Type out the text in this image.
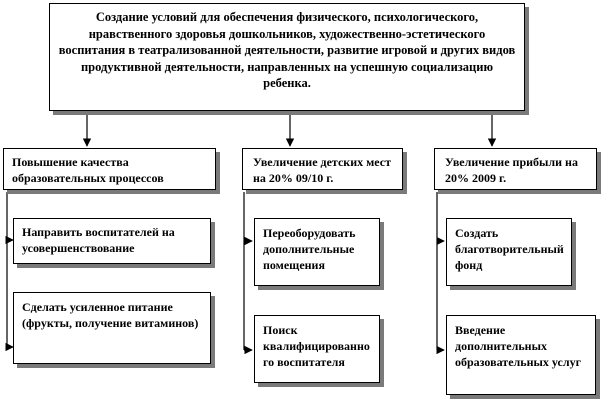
Создание условий для обеспечения физического, психологического, нравственного здоровья дошкольников, художественно-эстетического воспитания в театрализованной деятельности, развитие игровой и других видов продуктивной деятельности, направленных на успешную социализацию ребенка.
Повышение качества образовательных процессов
Увеличение детских мест на 20% 09/10 г.
Увеличение прибыли на 20% 2009 г.
Направить воспитателей на усовершенствование
Сделать усиленное питание (фрукты, получение витаминов)
Переоборудовать дополнительные помещения
Поиск квалифицированно го воспитателя
Создать благотворительный фонд
Введение дополнительных образовательных услуг
